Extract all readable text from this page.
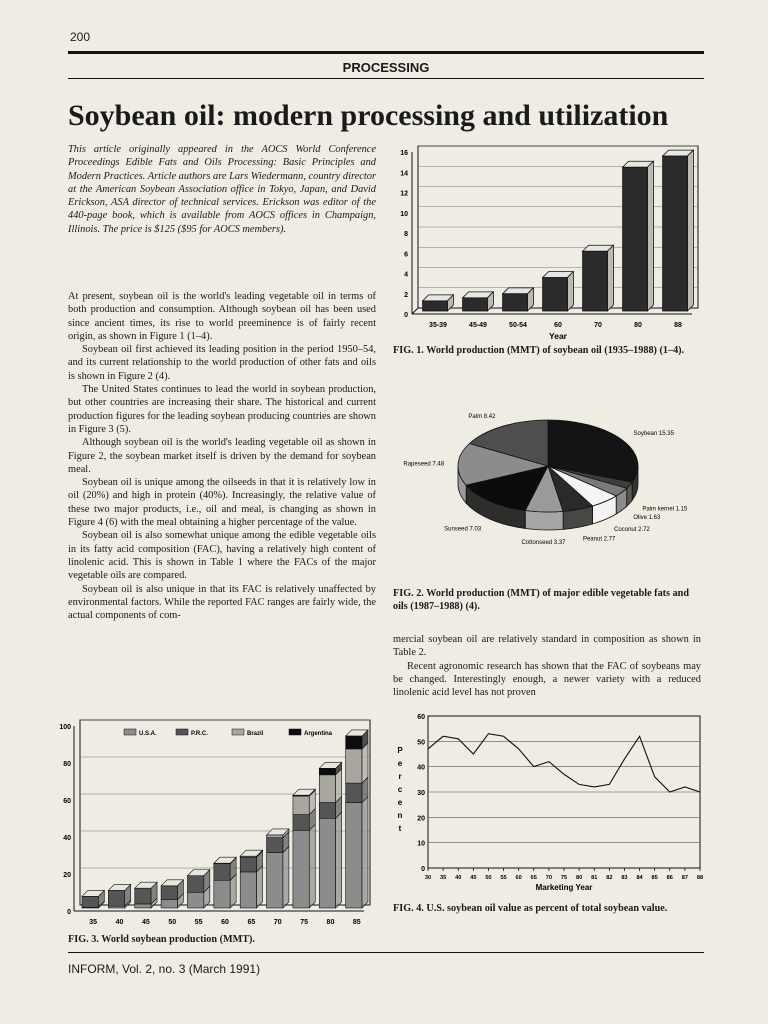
200
PROCESSING
Soybean oil: modern processing and utilization
This article originally appeared in the AOCS World Conference Proceedings Edible Fats and Oils Processing: Basic Principles and Modern Practices. Article authors are Lars Wiedermann, country director at the American Soybean Association office in Tokyo, Japan, and David Erickson, ASA director of technical services. Erickson was editor of the 440-page book, which is available from AOCS offices in Champaign, Illinois. The price is $125 ($95 for AOCS members).

At present, soybean oil is the world's leading vegetable oil in terms of both production and consumption. Although soybean oil has been used since ancient times, its rise to world preeminence is of fairly recent origin, as shown in Figure 1 (1–4).

Soybean oil first achieved its leading position in the period 1950–54, and its current relationship to the world production of other fats and oils is shown in Figure 2 (4).

The United States continues to lead the world in soybean production, but other countries are increasing their share. The historical and current production figures for the leading soybean producing countries are shown in Figure 3 (5).

Although soybean oil is the world's leading vegetable oil as shown in Figure 2, the soybean market itself is driven by the demand for soybean meal.

Soybean oil is unique among the oilseeds in that it is relatively low in oil (20%) and high in protein (40%). Increasingly, the relative value of these two major products, i.e., oil and meal, is changing as shown in Figure 4 (6) with the meal obtaining a higher percentage of the value.

Soybean oil is also somewhat unique among the edible vegetable oils in its fatty acid composition (FAC), having a relatively high content of linolenic acid. This is shown in Table 1 where the FACs of the major vegetable oils are compared.

Soybean oil is also unique in that its FAC is relatively unaffected by environmental factors. While the reported FAC ranges are fairly wide, the actual components of com-

mercial soybean oil are relatively standard in composition as shown in Table 2.

Recent agronomic research has shown that the FAC of soybeans may be changed. Interestingly enough, a newer variety with a reduced linolenic acid level has not proven

0
2
4
6
8
10
12
14
16
35-39	45-49	50-54	60	70	80	88
Year
FIG. 1. World production (MMT) of soybean oil (1935–1988) (1–4).
Soybean 15.35
Palm kernel 1.15
Olive 1.63
Coconut 2.72
Peanut 2.77
Cottonseed 3.37
Sunseed 7.03
Rapeseed 7.48
Palm 8.42
FIG. 2. World production (MMT) of major edible vegetable fats and oils (1987–1988) (4).
0
20
40
60
80
100
U.S.A.	P.R.C.	Brazil	Argentina
35	40	45	50	55	60	65	70	75	80	85
FIG. 3. World soybean production (MMT).
0
10
20
30
40
50
60
30 35 40 45 50 55 60 65 70 75 80 81 82 83 84 85 86 87 88
Marketing Year
P e r c e n t
FIG. 4. U.S. soybean oil value as percent of total soybean value.
INFORM, Vol. 2, no. 3 (March 1991)
